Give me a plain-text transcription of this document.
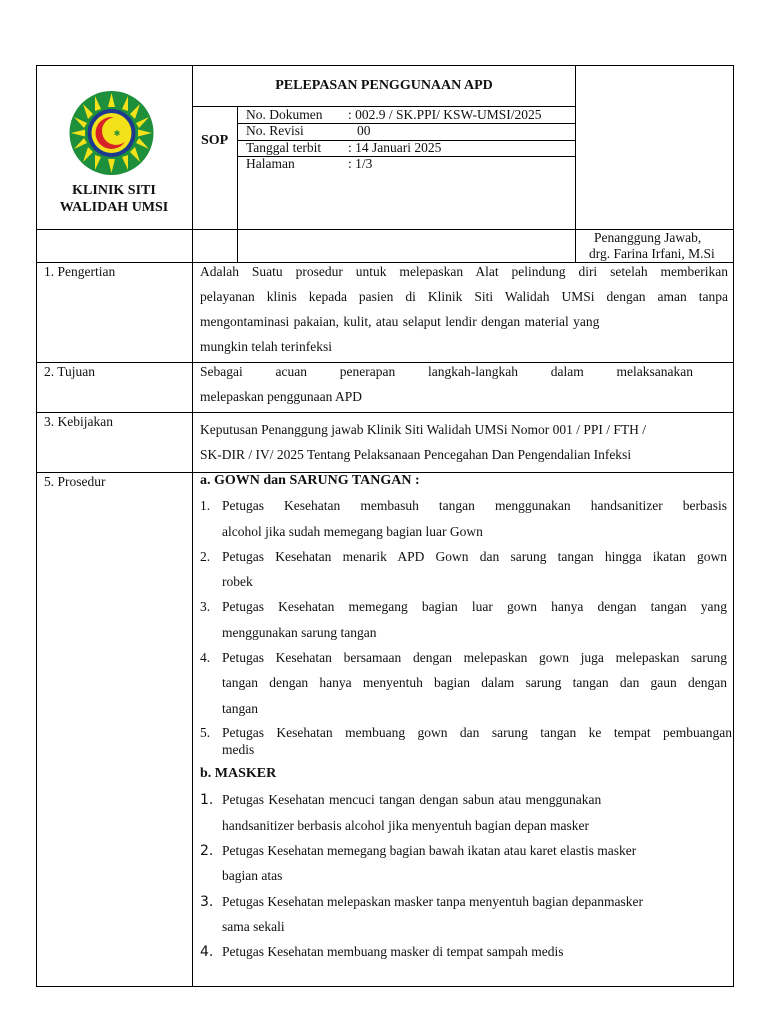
✱
KLINIK SITI
WALIDAH UMSI
PELEPASAN PENGGUNAAN APD
SOP
No. Dokumen : 002.9 / SK.PPI/ KSW-UMSI/2025
No. Revisi	00
Tanggal terbit : 14 Januari 2025
Halaman	: 1/3
Penanggung Jawab,
drg. Farina Irfani, M.Si
1. Pengertian	Adalah Suatu prosedur untuk melepaskan Alat pelindung diri setelah memberikan
pelayanan klinis kepada pasien di Klinik Siti Walidah UMSi dengan aman tanpa
mengontaminasi pakaian, kulit, atau selaput lendir dengan material yang
mungkin telah terinfeksi
2. Tujuan	Sebagai acuan penerapan langkah-langkah dalam melaksanakan
melepaskan penggunaan APD
3. Kebijakan
Keputusan Penanggung jawab Klinik Siti Walidah UMSi Nomor 001 / PPI / FTH /
SK-DIR / IV/ 2025 Tentang Pelaksanaan Pencegahan Dan Pengendalian Infeksi
5. Prosedur	a. GOWN dan SARUNG TANGAN :
1. Petugas Kesehatan membasuh tangan menggunakan handsanitizer berbasis
alcohol jika sudah memegang bagian luar Gown
2. Petugas Kesehatan menarik APD Gown dan sarung tangan hingga ikatan gown
robek
3. Petugas Kesehatan memegang bagian luar gown hanya dengan tangan yang
menggunakan sarung tangan
4. Petugas Kesehatan bersamaan dengan melepaskan gown juga melepaskan sarung
tangan dengan hanya menyentuh bagian dalam sarung tangan dan gaun dengan
tangan
5. Petugas Kesehatan membuang gown dan sarung tangan ke tempat pembuangan
medis
b. MASKER
1. Petugas Kesehatan mencuci tangan dengan sabun atau menggunakan
handsanitizer berbasis alcohol jika menyentuh bagian depan masker
2. Petugas Kesehatan memegang bagian bawah ikatan atau karet elastis masker
bagian atas
3. Petugas Kesehatan melepaskan masker tanpa menyentuh bagian depanmasker
sama sekali
4. Petugas Kesehatan membuang masker di tempat sampah medis
